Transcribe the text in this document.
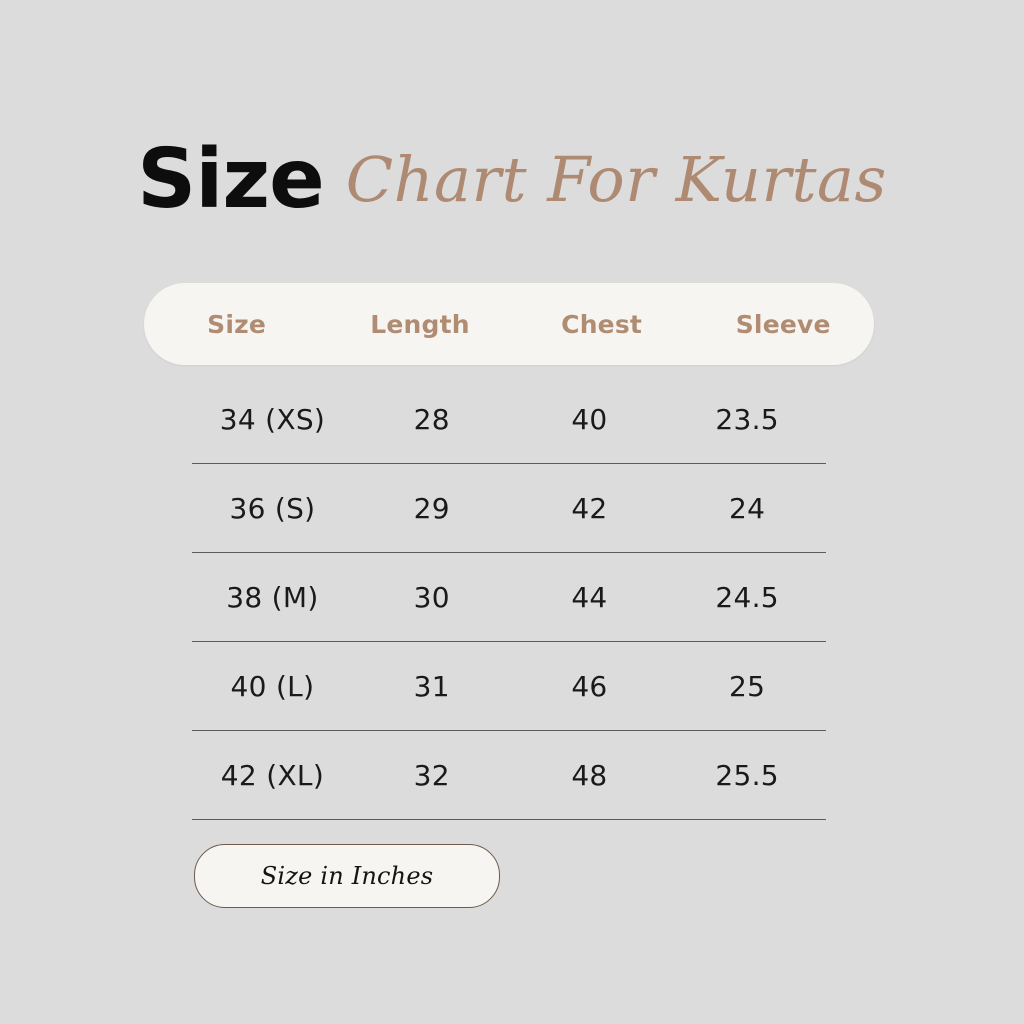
Size Chart For Kurtas
Size	Length	Chest	Sleeve
34 (XS)	28	40	23.5
36 (S)	29	42	24
38 (M)	30	44	24.5
40 (L)	31	46	25
42 (XL)	32	48	25.5
Size in Inches
